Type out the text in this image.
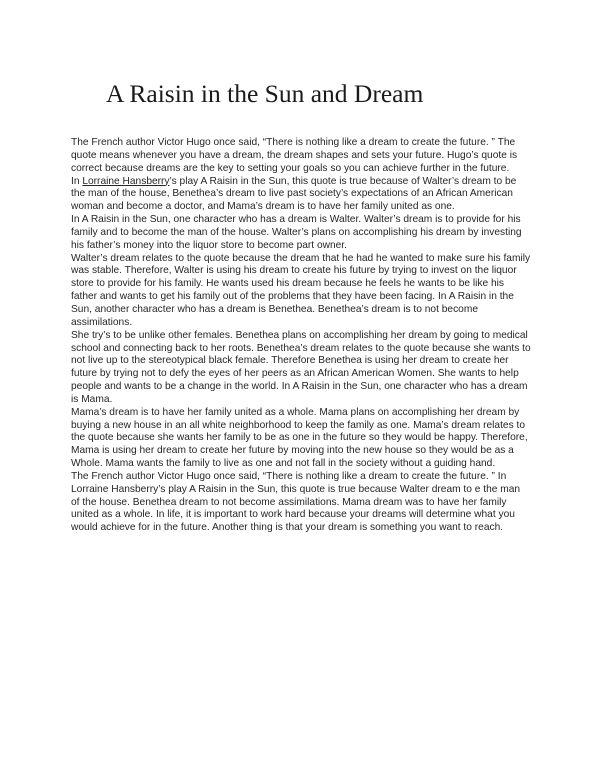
A Raisin in the Sun and Dream

The French author Victor Hugo once said, “There is nothing like a dream to create the future. ” The quote means whenever you have a dream, the dream shapes and sets your future. Hugo’s quote is correct because dreams are the key to setting your goals so you can achieve further in the future.

In Lorraine Hansberry’s play A Raisin in the Sun, this quote is true because of Walter’s dream to be the man of the house, Benethea’s dream to live past society’s expectations of an African American woman and become a doctor, and Mama’s dream is to have her family united as one.

In A Raisin in the Sun, one character who has a dream is Walter. Walter’s dream is to provide for his family and to become the man of the house. Walter’s plans on accomplishing his dream by investing his father’s money into the liquor store to become part owner.

Walter’s dream relates to the quote because the dream that he had he wanted to make sure his family was stable. Therefore, Walter is using his dream to create his future by trying to invest on the liquor store to provide for his family. He wants used his dream because he feels he wants to be like his father and wants to get his family out of the problems that they have been facing. In A Raisin in the Sun, another character who has a dream is Benethea. Benethea’s dream is to not become assimilations.

She try’s to be unlike other females. Benethea plans on accomplishing her dream by going to medical school and connecting back to her roots. Benethea’s dream relates to the quote because she wants to not live up to the stereotypical black female. Therefore Benethea is using her dream to create her future by trying not to defy the eyes of her peers as an African American Women. She wants to help people and wants to be a change in the world. In A Raisin in the Sun, one character who has a dream is Mama.

Mama’s dream is to have her family united as a whole. Mama plans on accomplishing her dream by buying a new house in an all white neighborhood to keep the family as one. Mama’s dream relates to the quote because she wants her family to be as one in the future so they would be happy. Therefore, Mama is using her dream to create her future by moving into the new house so they would be as a Whole. Mama wants the family to live as one and not fall in the society without a guiding hand.

The French author Victor Hugo once said, “There is nothing like a dream to create the future. ” In Lorraine Hansberry’s play A Raisin in the Sun, this quote is true because Walter dream to e the man of the house. Benethea dream to not become assimilations. Mama dream was to have her family united as a whole. In life, it is important to work hard because your dreams will determine what you would achieve for in the future. Another thing is that your dream is something you want to reach.
